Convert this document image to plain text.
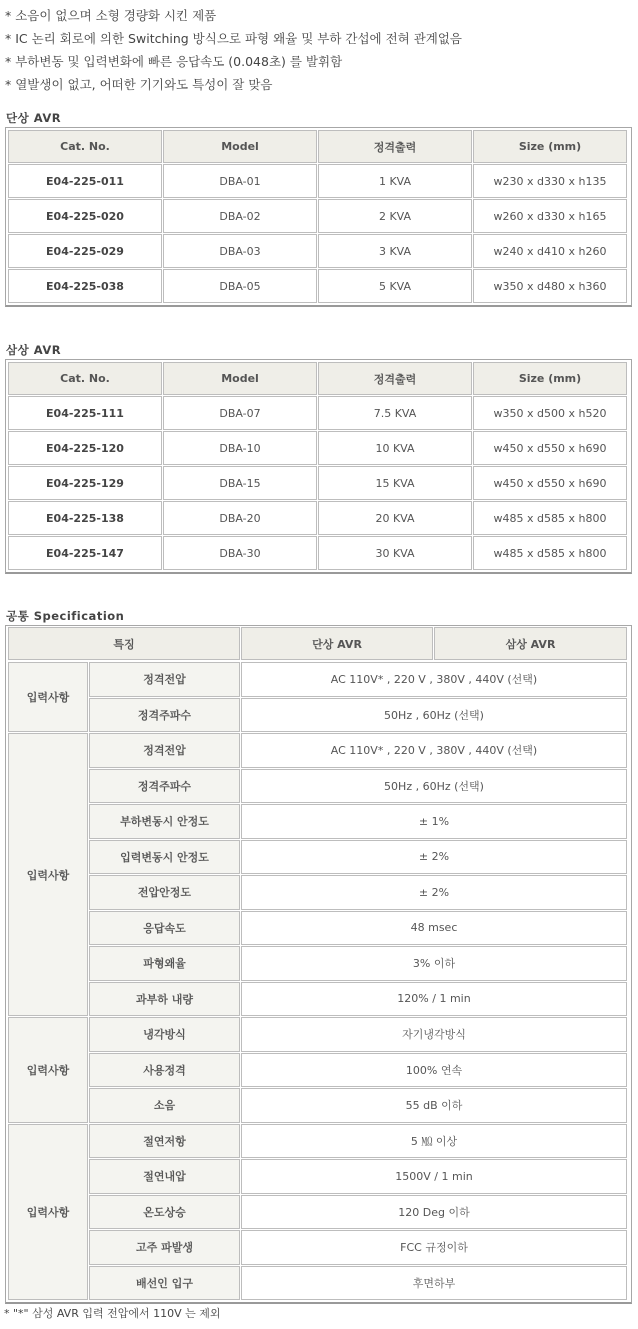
* 소음이 없으며 소형 경량화 시킨 제품
* IC 논리 회로에 의한 Switching 방식으로 파형 왜율 및 부하 간섭에 전혀 관계없음
* 부하변동 및 입력변화에 빠른 응답속도 (0.048초) 를 발휘함
* 열발생이 없고, 어떠한 기기와도 특성이 잘 맞음
단상 AVR
Cat. No.	Model	정격출력	Size (mm)
E04-225-011	DBA-01	1 KVA	w230 x d330 x h135
E04-225-020	DBA-02	2 KVA	w260 x d330 x h165
E04-225-029	DBA-03	3 KVA	w240 x d410 x h260
E04-225-038	DBA-05	5 KVA	w350 x d480 x h360
삼상 AVR
Cat. No.	Model	정격출력	Size (mm)
E04-225-111	DBA-07	7.5 KVA	w350 x d500 x h520
E04-225-120	DBA-10	10 KVA	w450 x d550 x h690
E04-225-129	DBA-15	15 KVA	w450 x d550 x h690
E04-225-138	DBA-20	20 KVA	w485 x d585 x h800
E04-225-147	DBA-30	30 KVA	w485 x d585 x h800
공통 Specification
특징	단상 AVR	삼상 AVR
입력사항
정격전압	AC 110V* , 220 V , 380V , 440V (선택)
정격주파수	50Hz , 60Hz (선택)
입력사항
정격전압	AC 110V* , 220 V , 380V , 440V (선택)
정격주파수	50Hz , 60Hz (선택)
부하변동시 안정도	± 1%
입력변동시 안정도	± 2%
전압안정도	± 2%
응답속도	48 msec
파형왜율	3% 이하
과부하 내량	120% / 1 min
입력사항
냉각방식	자기냉각방식
사용정격	100% 연속
소음	55 dB 이하
입력사항
절연저항	5 ㏁ 이상
절연내압	1500V / 1 min
온도상승	120 Deg 이하
고주 파발생	FCC 규정이하
배선인 입구	후면하부
* "*" 삼성 AVR 입력 전압에서 110V 는 제외
